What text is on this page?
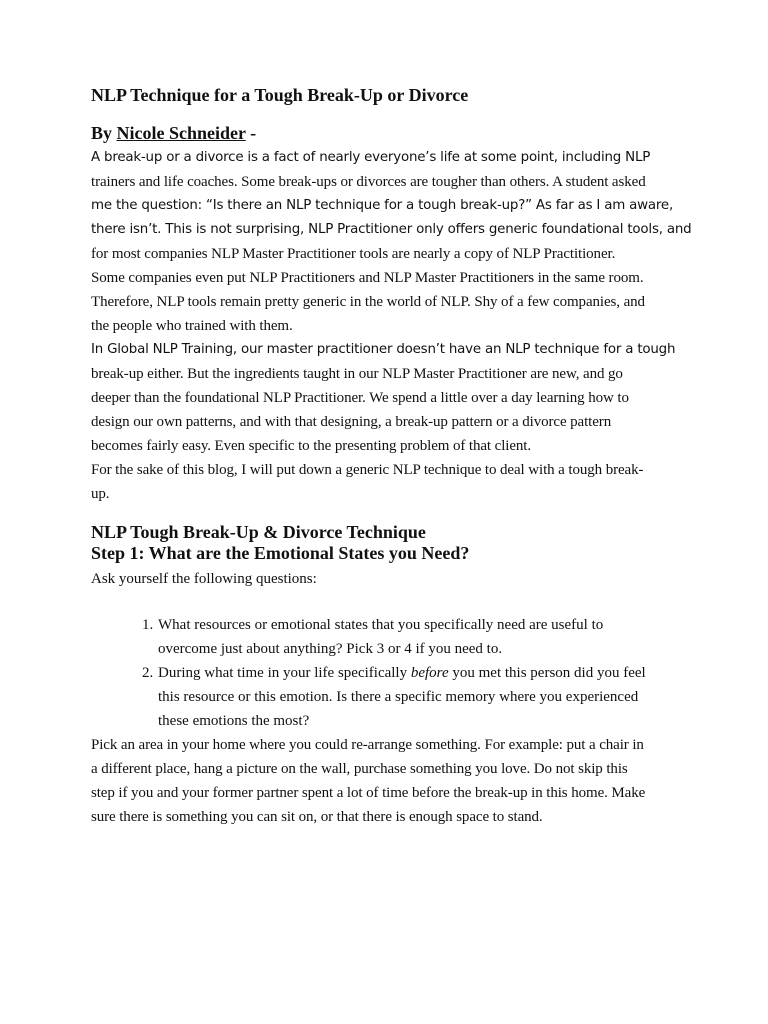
NLP Technique for a Tough Break-Up or Divorce
By Nicole Schneider -

A break-up or a divorce is a fact of nearly everyone’s life at some point, including NLP
trainers and life coaches. Some break-ups or divorces are tougher than others. A student asked
me the question: “Is there an NLP technique for a tough break-up?” As far as I am aware,
there isn’t. This is not surprising, NLP Practitioner only offers generic foundational tools, and
for most companies NLP Master Practitioner tools are nearly a copy of NLP Practitioner.
Some companies even put NLP Practitioners and NLP Master Practitioners in the same room.
Therefore, NLP tools remain pretty generic in the world of NLP. Shy of a few companies, and
the people who trained with them.

In Global NLP Training, our master practitioner doesn’t have an NLP technique for a tough
break-up either. But the ingredients taught in our NLP Master Practitioner are new, and go
deeper than the foundational NLP Practitioner. We spend a little over a day learning how to
design our own patterns, and with that designing, a break-up pattern or a divorce pattern
becomes fairly easy. Even specific to the presenting problem of that client.

For the sake of this blog, I will put down a generic NLP technique to deal with a tough break-
up.

NLP Tough Break-Up & Divorce Technique
Step 1: What are the Emotional States you Need?

Ask yourself the following questions:

1. What resources or emotional states that you specifically need are useful to
overcome just about anything? Pick 3 or 4 if you need to.
2. During what time in your life specifically before you met this person did you feel
this resource or this emotion. Is there a specific memory where you experienced
these emotions the most?

Pick an area in your home where you could re-arrange something. For example: put a chair in
a different place, hang a picture on the wall, purchase something you love. Do not skip this
step if you and your former partner spent a lot of time before the break-up in this home. Make
sure there is something you can sit on, or that there is enough space to stand.
